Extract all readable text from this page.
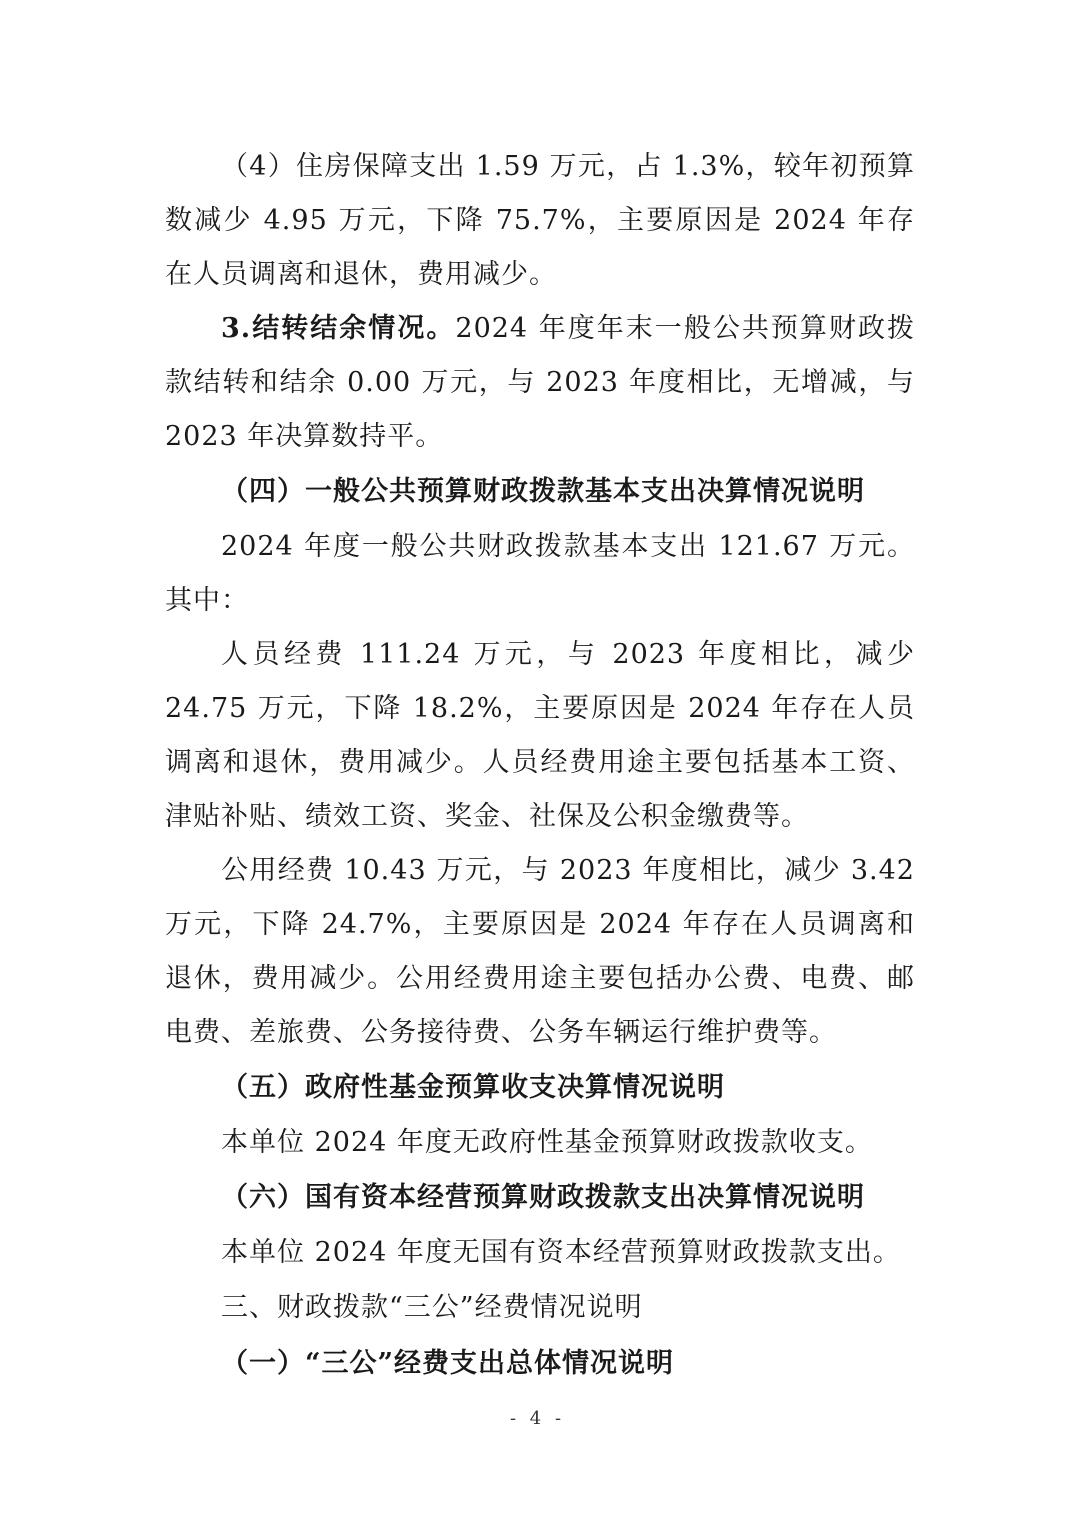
（4）住房保障支出 1.59 万元，占 1.3%，较年初预算数减少 4.95 万元，下降 75.7%，主要原因是 2024 年存在人员调离和退休，费用减少。

3.结转结余情况。2024 年度年末一般公共预算财政拨款结转和结余 0.00 万元，与 2023 年度相比，无增减，与 2023 年决算数持平。

（四）一般公共预算财政拨款基本支出决算情况说明

2024 年度一般公共财政拨款基本支出 121.67 万元。其中：

人员经费 111.24 万元，与 2023 年度相比，减少 24.75 万元，下降 18.2%，主要原因是 2024 年存在人员调离和退休，费用减少。人员经费用途主要包括基本工资、津贴补贴、绩效工资、奖金、社保及公积金缴费等。

公用经费 10.43 万元，与 2023 年度相比，减少 3.42 万元，下降 24.7%，主要原因是 2024 年存在人员调离和退休，费用减少。公用经费用途主要包括办公费、电费、邮电费、差旅费、公务接待费、公务车辆运行维护费等。

（五）政府性基金预算收支决算情况说明

本单位 2024 年度无政府性基金预算财政拨款收支。

（六）国有资本经营预算财政拨款支出决算情况说明

本单位 2024 年度无国有资本经营预算财政拨款支出。

三、财政拨款“三公”经费情况说明

（一）“三公”经费支出总体情况说明

- 4 -
